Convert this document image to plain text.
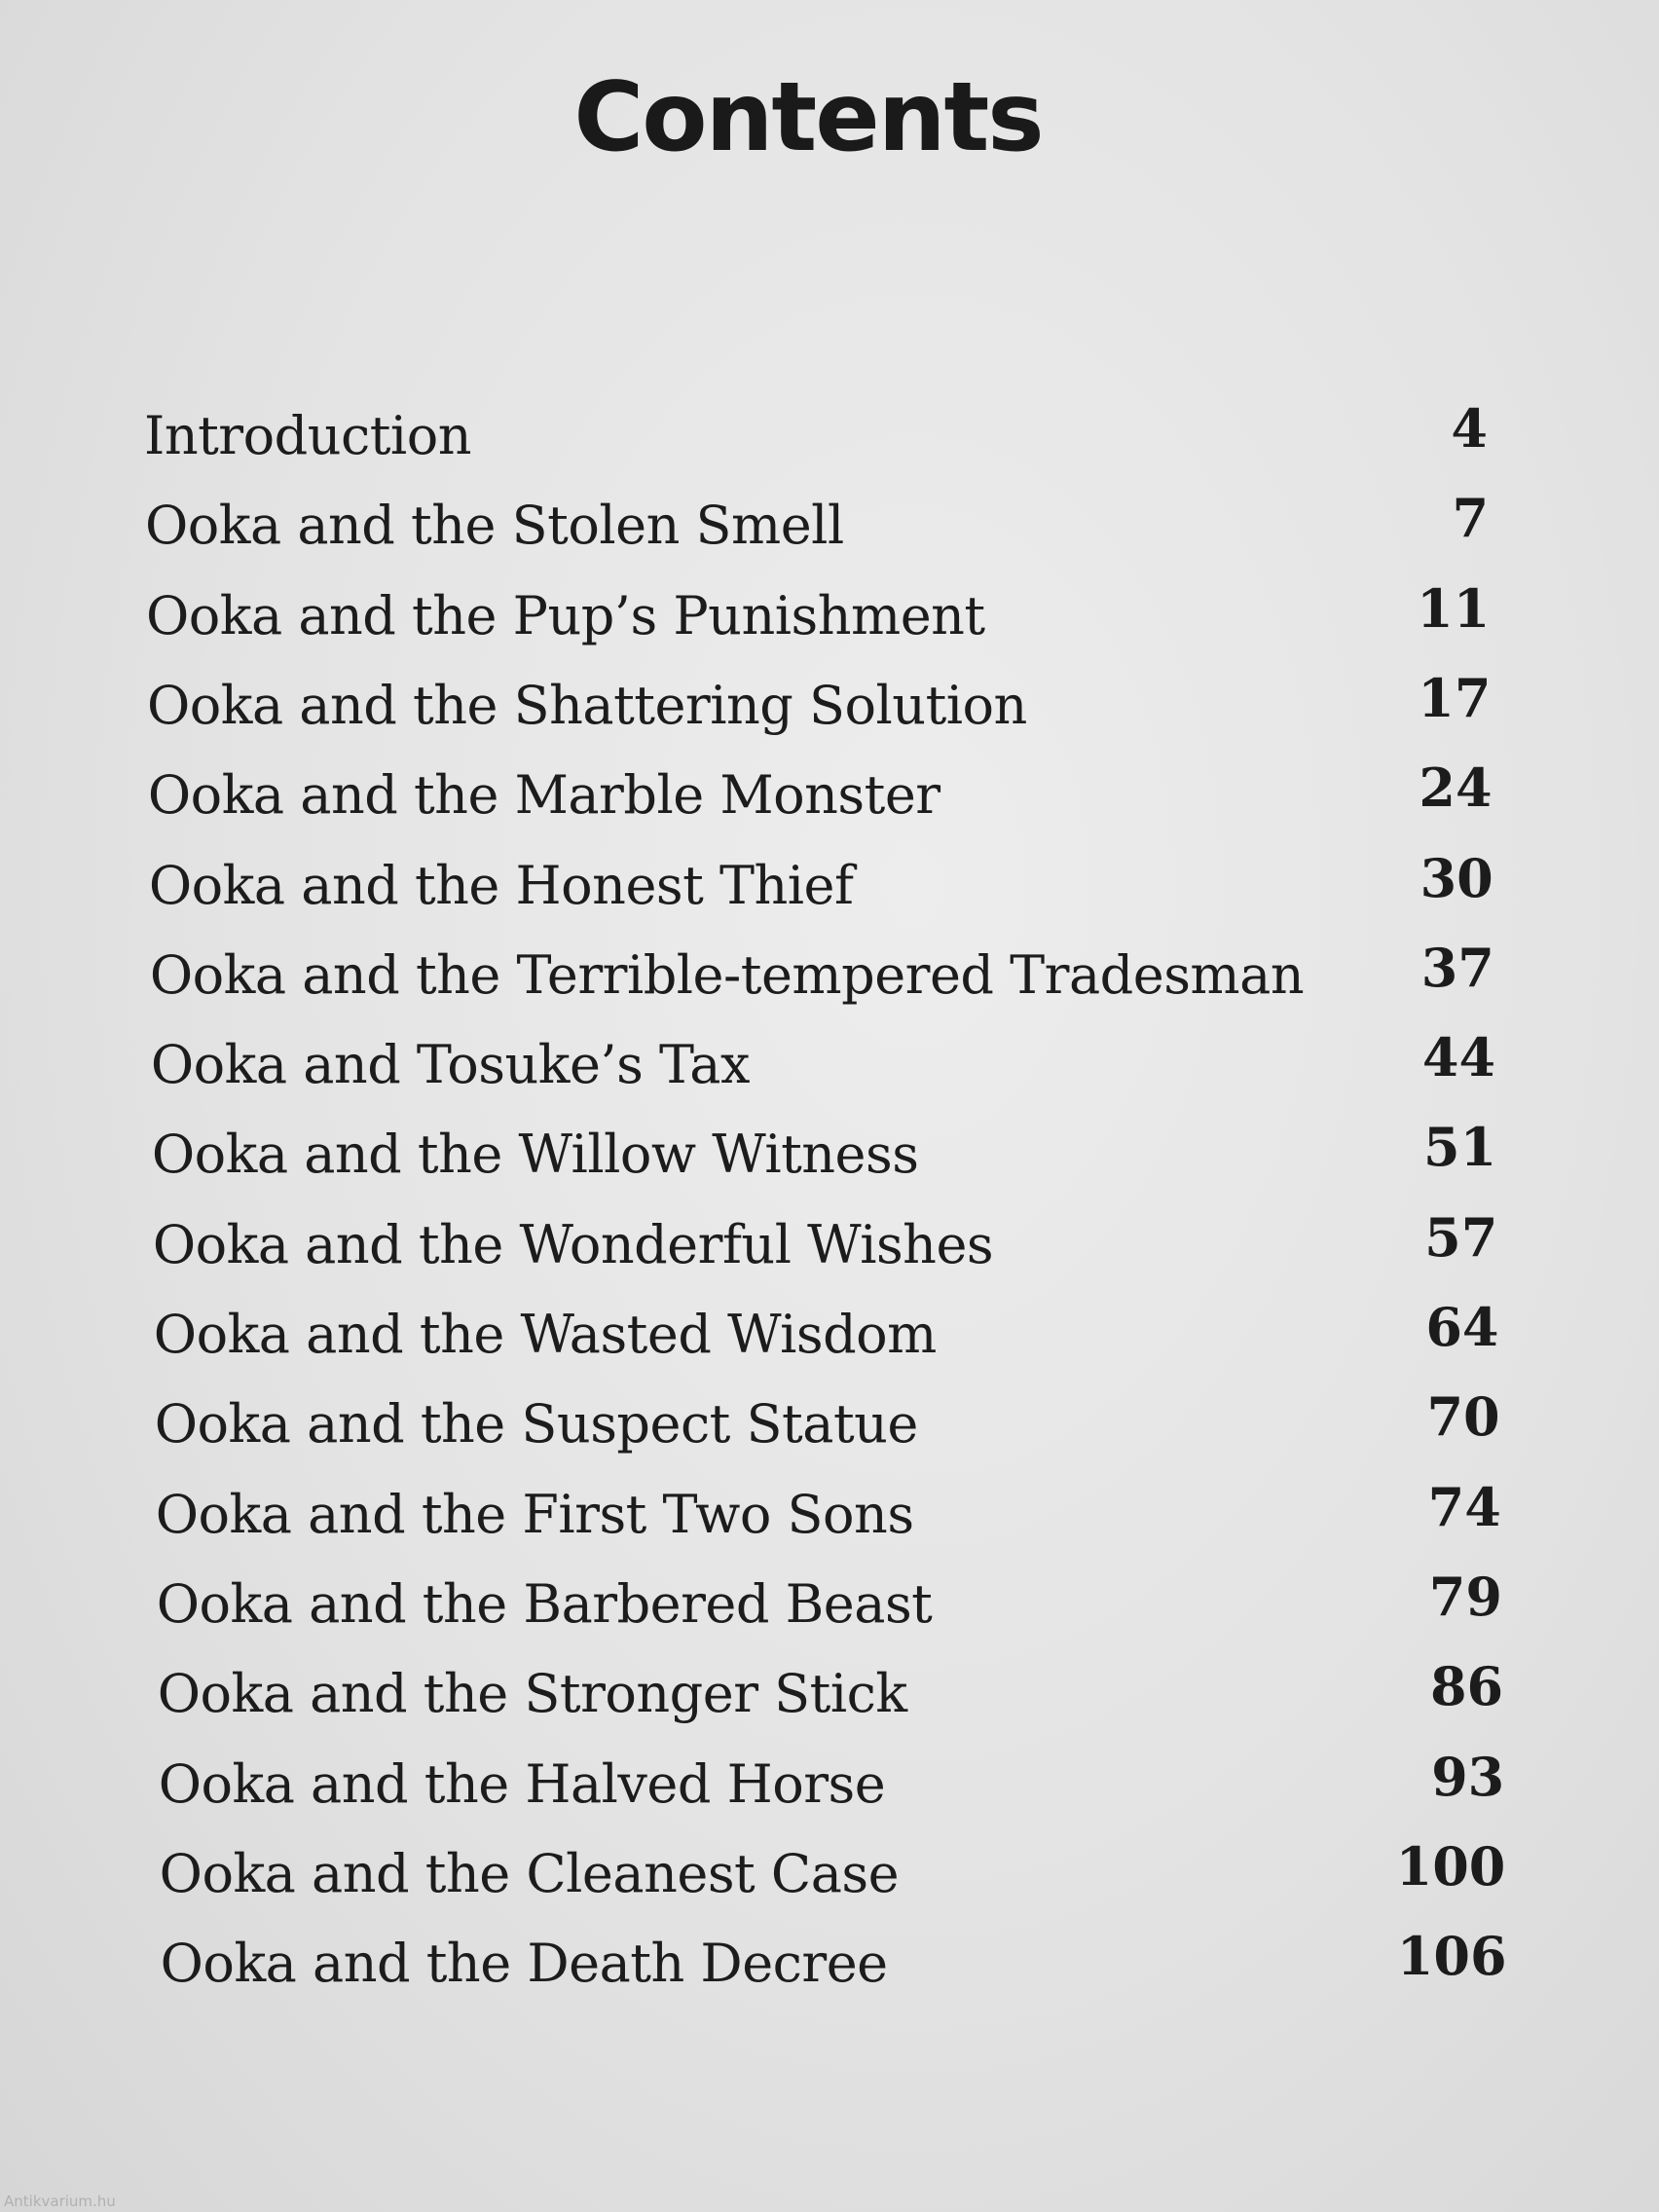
Contents
Introduction	4
Ooka and the Stolen Smell	7
Ooka and the Pup’s Punishment	11
Ooka and the Shattering Solution	17
Ooka and the Marble Monster	24
Ooka and the Honest Thief	30
Ooka and the Terrible-tempered Tradesman	37
Ooka and Tosuke’s Tax	44
Ooka and the Willow Witness	51
Ooka and the Wonderful Wishes	57
Ooka and the Wasted Wisdom	64
Ooka and the Suspect Statue	70
Ooka and the First Two Sons	74
Ooka and the Barbered Beast	79
Ooka and the Stronger Stick	86
Ooka and the Halved Horse	93
Ooka and the Cleanest Case	100
Ooka and the Death Decree	106
Antikvarium.hu
